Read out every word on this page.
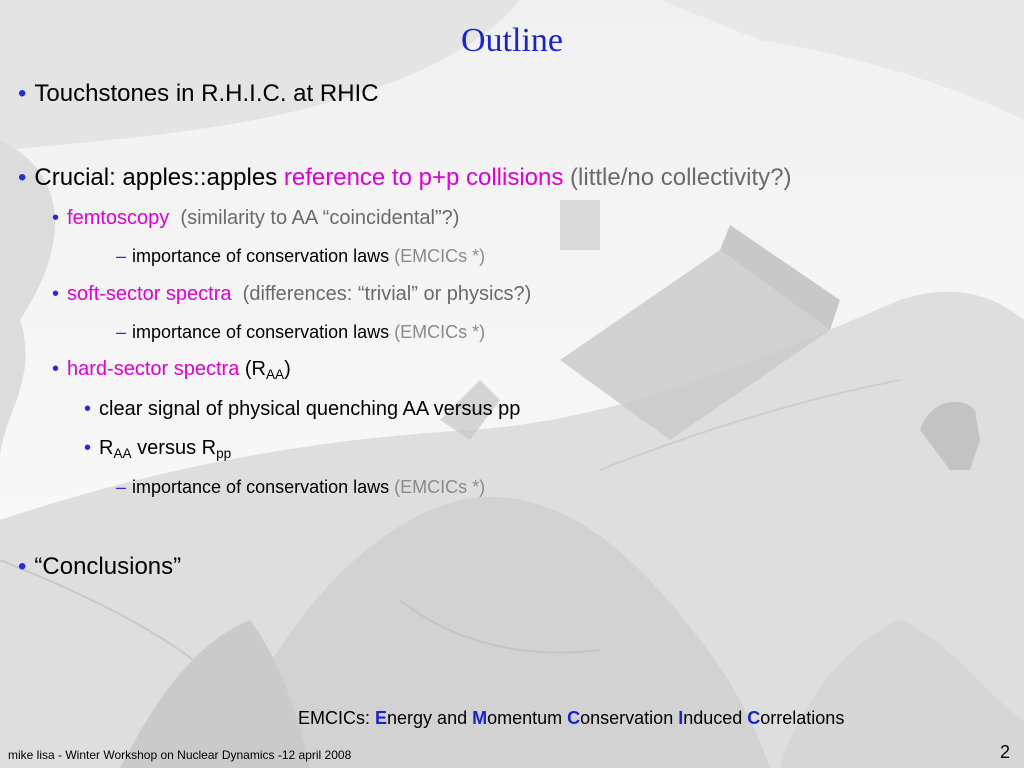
Outline
• Touchstones in R.H.I.C. at RHIC
• Crucial: apples::apples reference to p+p collisions (little/no collectivity?)
• femtoscopy (similarity to AA “coincidental”?)
– importance of conservation laws (EMCICs *)
• soft-sector spectra (differences: “trivial” or physics?)
– importance of conservation laws (EMCICs *)
• hard-sector spectra $(R_{AA})$
• clear signal of physical quenching AA versus pp
• $R_{AA}$ versus $R_{pp}$
– importance of conservation laws (EMCICs *)
• “Conclusions”
EMCICs: Energy and Momentum Conservation Induced Correlations
mike lisa - Winter Workshop on Nuclear Dynamics -12 april 2008	2
